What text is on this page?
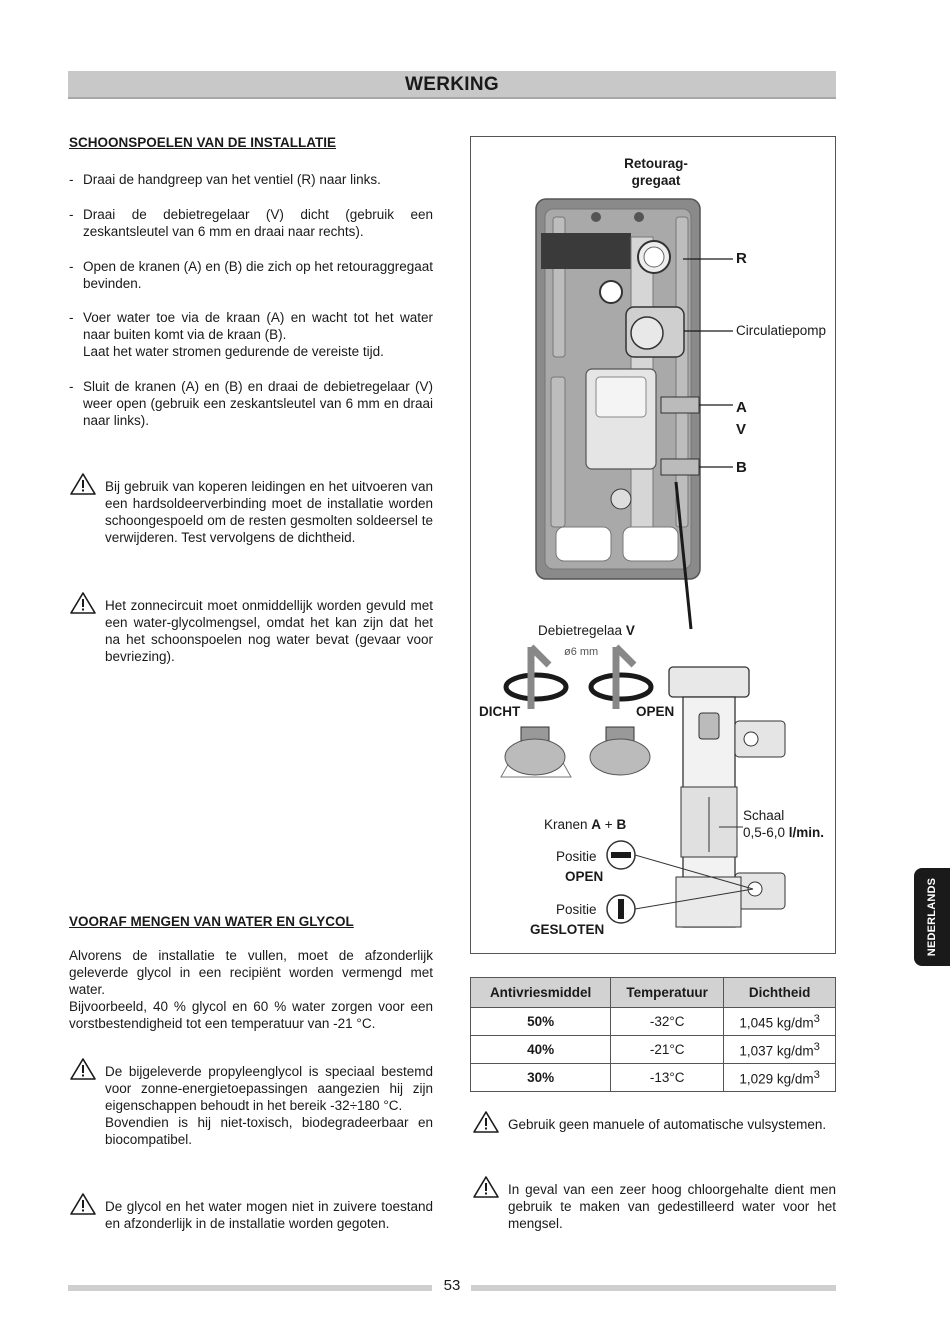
WERKING
SCHOONSPOELEN VAN DE INSTALLATIE
- Draai de handgreep van het ventiel (R) naar links.
- Draai de debietregelaar (V) dicht (gebruik een zeskantsleutel van 6 mm en draai naar rechts).
- Open de kranen (A) en (B) die zich op het retouraggregaat bevinden.
- Voer water toe via de kraan (A) en wacht tot het water naar buiten komt via de kraan (B).
Laat het water stromen gedurende de vereiste tijd.
- Sluit de kranen (A) en (B) en draai de debietregelaar (V) weer open (gebruik een zeskantsleutel van 6 mm en draai naar links).
Bij gebruik van koperen leidingen en het uitvoeren van een hardsoldeerverbinding moet de installatie worden schoongespoeld om de resten gesmolten soldeersel te verwijderen. Test vervolgens de dichtheid.
Het zonnecircuit moet onmiddellijk worden gevuld met een water-glycolmengsel, omdat het kan zijn dat het na het schoonspoelen nog water bevat (gevaar voor bevriezing).
VOORAF MENGEN VAN WATER EN GLYCOL
Alvorens de installatie te vullen, moet de afzonderlijk geleverde glycol in een recipiënt worden vermengd met water.
Bijvoorbeeld, 40 % glycol en 60 % water zorgen voor een vorstbestendigheid tot een temperatuur van -21 °C.
De bijgeleverde propyleenglycol is speciaal bestemd voor zonne-energietoepassingen aangezien hij zijn eigenschappen behoudt in het bereik -32÷180 °C.
Bovendien is hij niet-toxisch, biodegradeerbaar en biocompatibel.
De glycol en het water mogen niet in zuivere toestand en afzonderlijk in de installatie worden gegoten.
Retourag-
gregaat
R
Circulatiepomp
A
V
B
Debietregelaa V
ø6 mm
DICHT	OPEN
Kranen A + B
Schaal
0,5-6,0 l/min.
Positie
OPEN
Positie
GESLOTEN
Antivriesmiddel	Temperatuur	Dichtheid
50%	-32°C	1,045 $kg/dm^3$
40%	-21°C	1,037 $kg/dm^3$
30%	-13°C	1,029 $kg/dm^3$
Gebruik geen manuele of automatische vulsystemen.
In geval van een zeer hoog chloorgehalte dient men gebruik te maken van gedestilleerd water voor het mengsel.
NEDERLANDS
53
